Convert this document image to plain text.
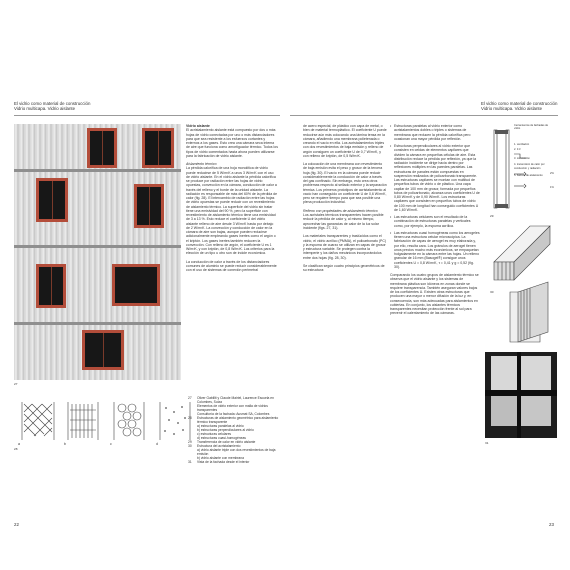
El vidrio como material de construcción
Vidrio multicapa. Vidrio aislante
27
Vidrio aislante

El acristalamiento aislante está compuesto por dos o más hojas de vidrio conectadas por uno o más distanciadores para que sea resistente a los esfuerzos cortantes y externos a los gases. Esto crea una cámara seca intema de aire que funciona como amortiguador térmico. Todos los tipos de vidrio comentados hasta ahora pueden utilizarse para la fabricación de vidrio aislante.

Aislamiento térmico

La pérdida calorífica de una hoja monolítica de vidrio puede reducirse de 5 W/m²K a unos 3 W/m²K con el uso de vidrio aislante. En el vidrio aislante la pérdida calorífica se produce por radiación entre las hojas de vidrio opuestas, convección en la cámara, conducción de calor a través del relleno y el borde de la unidad aislante. La radiación es responsable de más del 60% de la pérdida de calor (fig. 28). El intercambio de radiación entre las hojas de vidrio opuestas se puede reducir con un revestimiento de aislamiento térmico. La superficie del vidrio sin tratar tiene una emisividad del 90 %, pero la superficie con revestimiento de aislamiento térmico tiene una emisividad de 3 a 13 %. Esto reduce el coeficiente U del vidrio aislante relleno de aire desde 3 W/m²K hasta por debajo de 2 W/m²K. La convección y conducción de calor en la cámara de aire son bajas, aunque pueden reducirse adicionalmente empleando gases inertes como el argón o el kriptón. Los gases inertes también reducen la convección. Con relleno de argón, el coeficiente U es 1 W/m²K, y con kriptón, de 0,8 W/m²K. Los criterios para la elección de un tipo u otro son de índole económica.

La conducción de calor a través de los distanciadores comunes de aluminio se puede reducir considerablemente con el uso de sistemas de conexión perimetral

de acero especial, de plástico con capa de metal, o bien de material termoplástico. El coeficiente U puede reducirse aún más colocando una lámina tensa en la cámara, añadiendo una membrana polietenada o creando el vacío en ella. Los acristalamientos triples con dos revestimientos de baja emisión y relleno de argón consiguen un coeficiente U de 0,7 W/m²K, y con relleno de kriptón, de 0,5 W/m²K.

La colocación de una membrana con revestimiento de baja emisión evita el peso y grosor de la tercera hoja (fig. 30). El vacío en la cámara puede reducir considerablemente la conducción de calor a través del gas confinado. Sin embargo, esto crea otros problemas respecto al sellado exterior y la separación térmica. Los primeros prototipos de acristalamiento al vacío han conseguido un coeficiente U de 0,6 W/m²K, pero se requiere tiempo para que sea posible una plena producción industrial.

Relleno con propiedades de aislamiento térmico

Los acristales térmicos transparentes hacen posible reducir la pérdida de calor y, al mismo tiempo, aprovechar las ganancias de calor de la luz solar incidente (figs. 27, 31).

Los materiales transparentes y traslúcidos como el vidrio, el vidrio acrílico (PMMA), el policarbonato (PC) y la espuma de cuarzo se utilizan en capas de grosor y estructura variable. Se protegen contra la intemperie y los daños mecánicos incorporándolos entre dos hojas (fig. 28, 30).

Se clasifican según cuatro principios geométricos de su estructura:

a	b	c	d
28
27	Oliver Gabillit y Claude Mairiel, Laurence Escuela en Colombes, Suiza
Elementos de vidrio exterior con malla de vidrios transparentes
Consultoría de la fachada: Ausmat SA, Colombes
28	Estructuras de aislamiento geométrico para aislamiento térmico transparente
a) estructuras paralelas al vidrio
b) estructuras perpendiculares al vidrio
c) estructuras celulares
d) estructuras cuasi-homogéneas
29	Transferencia de calor en vidrio aislante
30	Estructura del acristalamiento
a) vidrio aislante triple con dos revestimientos de baja emisión
b) vidrio aislante con membrana
31	Vista de la fachada desde el interior
22
El vidrio como material de construcción
Vidrio multicapa. Vidrio aislante
• Estructuras paralelas al vidrio exterior como acristalamientos dobles o triples o sistemas de membrana que reducen la pérdida calorífica pero ocasionan una mayor pérdida por reflexión.
• Estructuras perpendiculares al vidrio exterior que consisten en celdas de elementos capilares que dividen la cámara en pequeñas células de aire. Esta distribución reduce la pérdida por reflexión, ya que la radiación incidente se dirige hacia dentro por reflexiones múltiples en las paredes paralelas. Las estructuras de panales están compuestas en suspensión realizados de policarbonato transparente. Las estructuras capilares se montan con multitud de pequeños tubos de vidrio o de plástico. Una capa capilar de 100 mm de grosor, formada por pequeños tubos de policarbonato, alcanza unos coeficientes U de 0,80 W/m²K y de 0,90 W/m²K. Los estructuras capilares que consisten en pequeños tubos de vidrio de 100 mm de longitud han conseguido coeficientes U de 1,60 W/m²K.
• Las estructuras celulares son el resultado de la combinación de estructuras paralelas y verticales como, por ejemplo, la espuma acrílica.
• Las estructuras cuasi homogéneas como los aerogeles tienen una estructura celular microscópica. La fabricación de capas de aerogel es muy elaborada y, por ello, resulta cara. Los gránulos de aerogel tienen unos precios mucho más económicos, se empaquetan holgadamente en la cámara entre las hojas. Un relleno granular de 16 mm (Basogel®) consigue unos coeficientes U = 0,8 W/m²K, τ = 0,41 y g = 0,52 (fig. 30).

Comparando los cuatro grupos de aislamiento térmico se observa que el vidrio aislante y los sistemas de membrana plástica son idóneos en zonas donde se requiere transparencia. También aseguran valores bajos de los coeficientes U. Existen otras estructuras que producen una mayor o menor difusión de la luz y, en consecuencia, son más adecuadas para aislamientos en cubiertas. En conjunto, los aislantes térmicos transparentes necesitan protección frente al sol para prevenir el calentamiento de las cámaras.

Cerramientos de fachadas de vidrio
1. ventilación
2. 3.3
3. convección
4. transmisión de calor por conducción y radiación
5. barrera de aislamiento
2%
1%
29
30
31
23
